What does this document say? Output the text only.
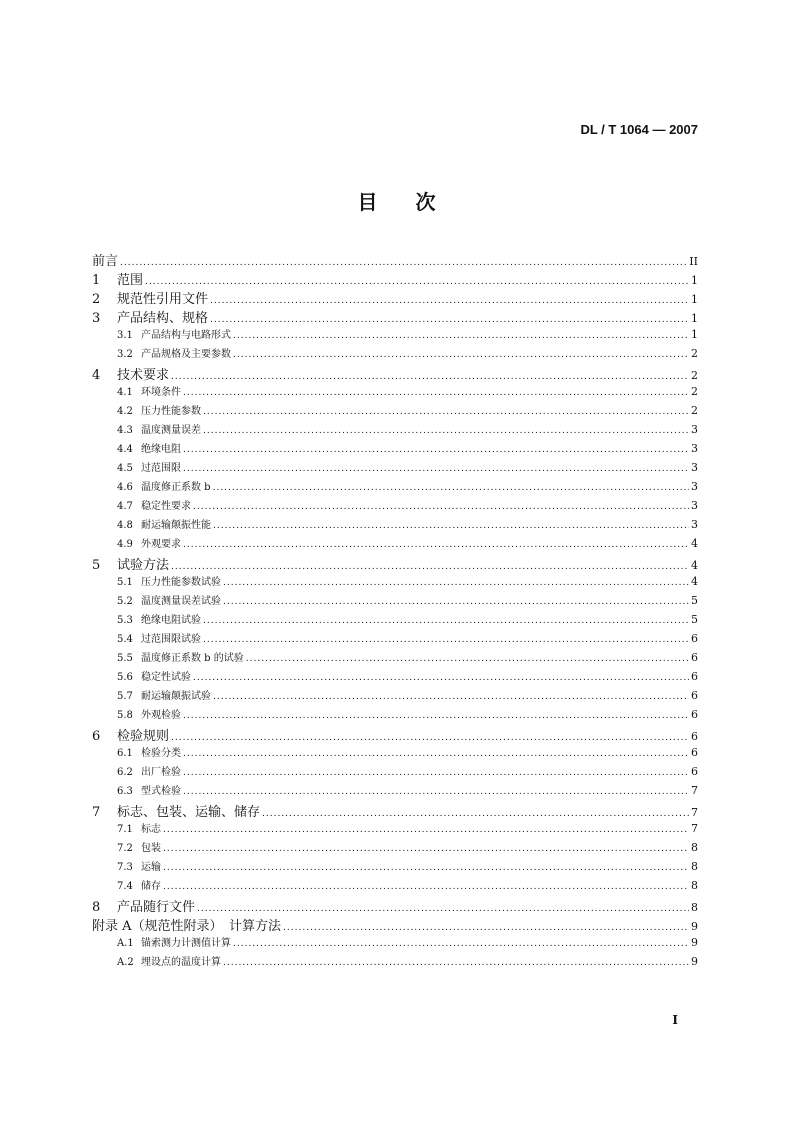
DL / T 1064 — 2007
目次
前言 .....	II
1	范围 .....	1
2	规范性引用文件 .....	1
3	产品结构、规格 .....	1
3.1 产品结构与电路形式 .....	1
3.2 产品规格及主要参数 .....	2
4	技术要求 .....	2
4.1 环境条件 .....	2
4.2 压力性能参数 .....	2
4.3 温度测量误差 .....	3
4.4 绝缘电阻 .....	3
4.5 过范围限 .....	3
4.6 温度修正系数 b .....	3
4.7 稳定性要求 .....	3
4.8 耐运输颠振性能 .....	3
4.9 外观要求 .....	4
5	试验方法 .....	4
5.1 压力性能参数试验 .....	4
5.2 温度测量误差试验 .....	5
5.3 绝缘电阻试验 .....	5
5.4 过范围限试验 .....	6
5.5 温度修正系数 b 的试验 .....	6
5.6 稳定性试验 .....	6
5.7 耐运输颠振试验 .....	6
5.8 外观检验 .....	6
6	检验规则 .....	6
6.1 检验分类 .....	6
6.2 出厂检验 .....	6
6.3 型式检验 .....	7
7	标志、包装、运输、储存 .....	7
7.1 标志 .....	7
7.2 包装 .....	8
7.3 运输 .....	8
7.4 储存 .....	8
8	产品随行文件 .....	8
附录 A（规范性附录）　计算方法 .....	9
A.1 锚索测力计测值计算 .....	9
A.2 埋设点的温度计算 .....	9
I
